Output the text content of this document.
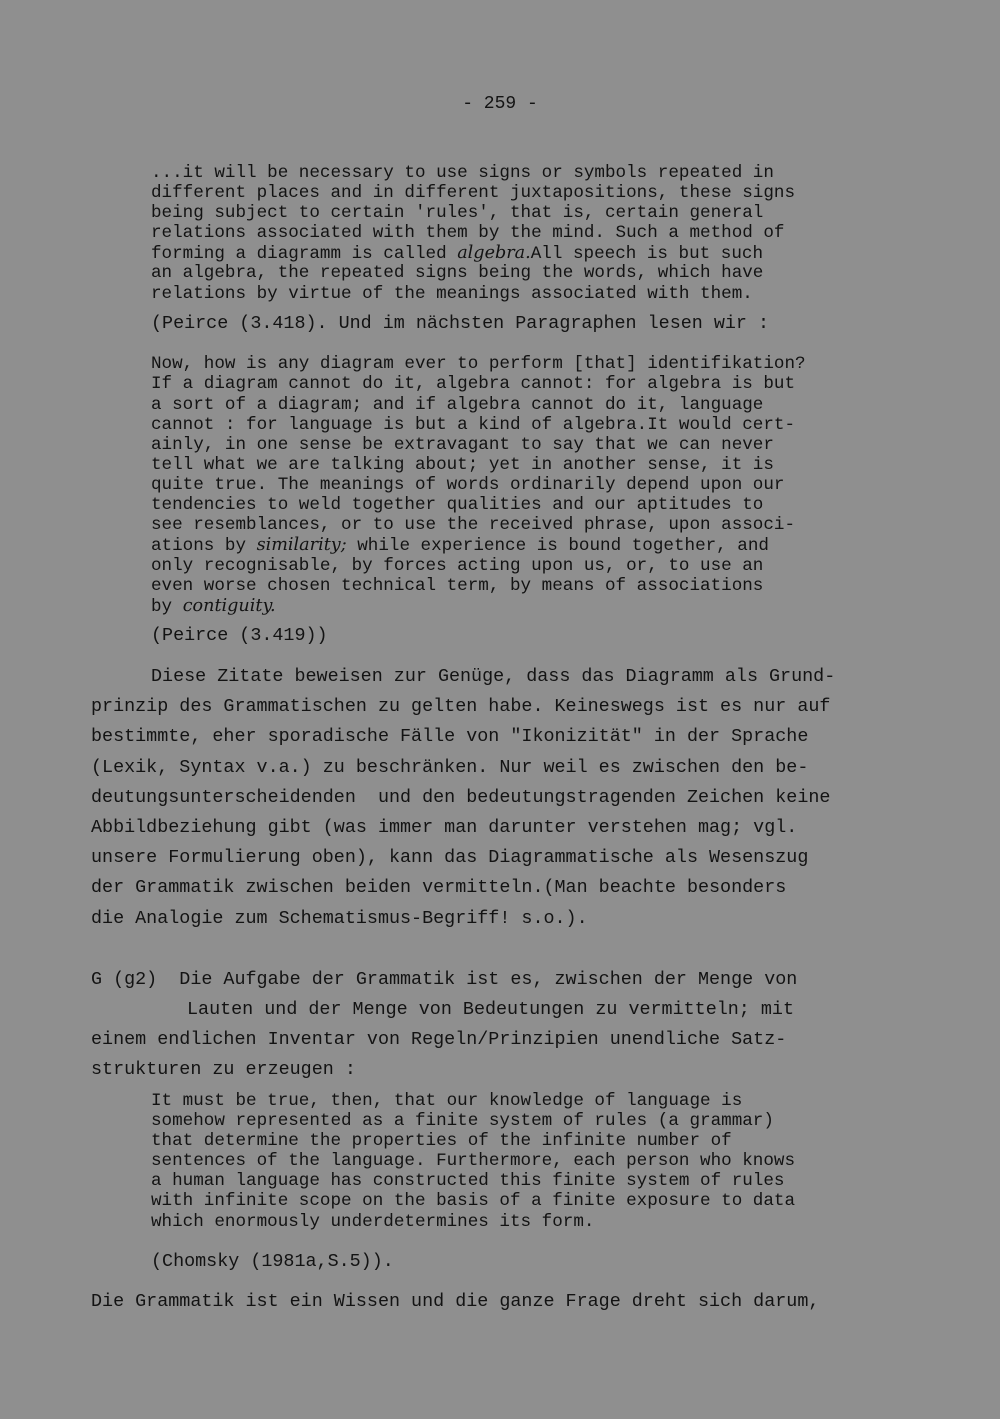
- 259 -
...it will be necessary to use signs or symbols repeated in
different places and in different juxtapositions, these signs
being subject to certain 'rules', that is, certain general
relations associated with them by the mind. Such a method of
forming a diagramm is called algebra.All speech is but such
an algebra, the repeated signs being the words, which have
relations by virtue of the meanings associated with them.
(Peirce (3.418). Und im nächsten Paragraphen lesen wir :
Now, how is any diagram ever to perform [that] identifikation?
If a diagram cannot do it, algebra cannot: for algebra is but
a sort of a diagram; and if algebra cannot do it, language
cannot : for language is but a kind of algebra.It would cert-
ainly, in one sense be extravagant to say that we can never
tell what we are talking about; yet in another sense, it is
quite true. The meanings of words ordinarily depend upon our
tendencies to weld together qualities and our aptitudes to
see resemblances, or to use the received phrase, upon associ-
ations by similarity; while experience is bound together, and
only recognisable, by forces acting upon us, or, to use an
even worse chosen technical term, by means of associations
by contiguity.
(Peirce (3.419))
Diese Zitate beweisen zur Genüge, dass das Diagramm als Grund-
prinzip des Grammatischen zu gelten habe. Keineswegs ist es nur auf
bestimmte, eher sporadische Fälle von "Ikonizität" in der Sprache
(Lexik, Syntax v.a.) zu beschränken. Nur weil es zwischen den be-
deutungsunterscheidenden  und den bedeutungstragenden Zeichen keine
Abbildbeziehung gibt (was immer man darunter verstehen mag; vgl.
unsere Formulierung oben), kann das Diagrammatische als Wesenszug
der Grammatik zwischen beiden vermitteln.(Man beachte besonders
die Analogie zum Schematismus-Begriff! s.o.).
G (g2)  Die Aufgabe der Grammatik ist es, zwischen der Menge von
Lauten und der Menge von Bedeutungen zu vermitteln; mit
einem endlichen Inventar von Regeln/Prinzipien unendliche Satz-
strukturen zu erzeugen :
It must be true, then, that our knowledge of language is
somehow represented as a finite system of rules (a grammar)
that determine the properties of the infinite number of
sentences of the language. Furthermore, each person who knows
a human language has constructed this finite system of rules
with infinite scope on the basis of a finite exposure to data
which enormously underdetermines its form.
(Chomsky (1981a,S.5)).
Die Grammatik ist ein Wissen und die ganze Frage dreht sich darum,
